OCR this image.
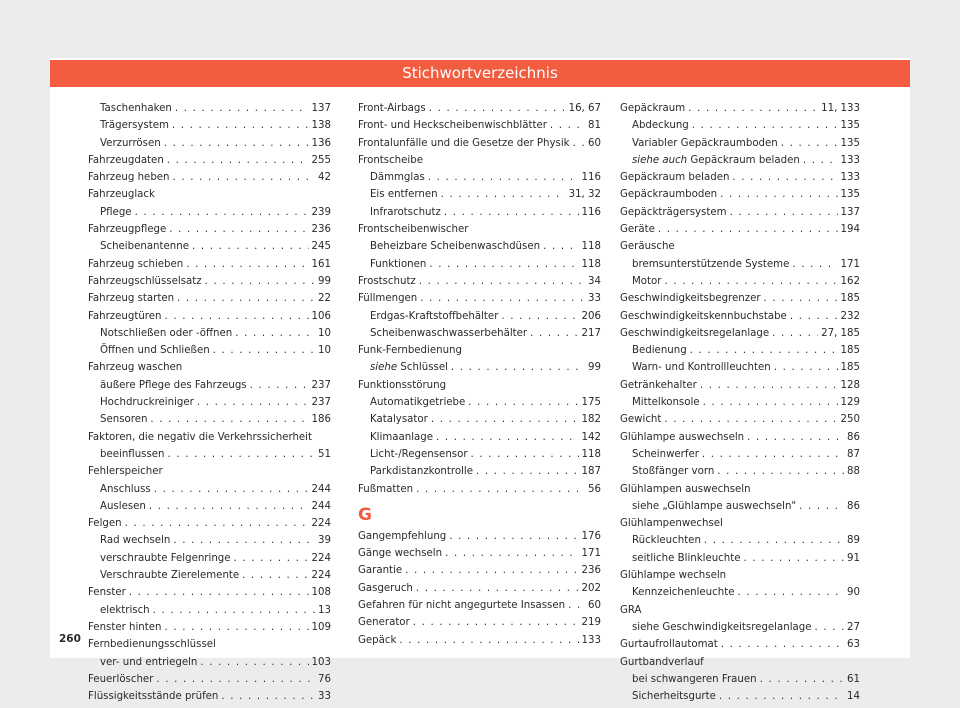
Stichwortverzeichnis
Taschenhaken . . .	137
Trägersystem . . .	138
Verzurrösen . . .	136
Fahrzeugdaten . . .	255
Fahrzeug heben . . .	42
Fahrzeuglack
Pflege . . .	239
Fahrzeugpflege . . .	236
Scheibenantenne . . .	245
Fahrzeug schieben . . .	161
Fahrzeugschlüsselsatz . . .	99
Fahrzeug starten . . .	22
Fahrzeugtüren . . .	106
Notschließen oder -öffnen . . .	10
Öffnen und Schließen . . .	10
Fahrzeug waschen
äußere Pflege des Fahrzeugs . . .	237
Hochdruckreiniger . . .	237
Sensoren . . .	186
Faktoren, die negativ die Verkehrssicherheit
beeinflussen . . .	51
Fehlerspeicher
Anschluss . . .	244
Auslesen . . .	244
Felgen . . .	224
Rad wechseln . . .	39
verschraubte Felgenringe . . .	224
Verschraubte Zierelemente . . .	224
Fenster . . .	108
elektrisch . . .	13
Fenster hinten . . .	109
Fernbedienungsschlüssel
ver- und entriegeln . . .	103
Feuerlöscher . . .	76
Flüssigkeitsstände prüfen . . .	33
Front-Airbags . . .	16, 67
Front- und Heckscheibenwischblätter . . .	81
Frontalunfälle und die Gesetze der Physik . . . 60
Frontscheibe
Dämmglas . . .	116
Eis entfernen . . .	31, 32
Infrarotschutz . . .	116
Frontscheibenwischer
Beheizbare Scheibenwaschdüsen . . .	118
Funktionen . . .	118
Frostschutz . . .	34
Füllmengen . . .	33
Erdgas-Kraftstoffbehälter . . .	206
Scheibenwaschwasserbehälter . . .	217
Funk-Fernbedienung
siehe Schlüssel . . .	99
Funktionsstörung
Automatikgetriebe . . .	175
Katalysator . . .	182
Klimaanlage . . .	142
Licht-/Regensensor . . .	118
Parkdistanzkontrolle . . .	187
Fußmatten . . .	56
G
Gangempfehlung . . .	176
Gänge wechseln . . .	171
Garantie . . .	236
Gasgeruch . . .	202
Gefahren für nicht angegurtete Insassen . . . 60
Generator . . .	219
Gepäck . . .	133
Gepäckraum . . .	11, 133
Abdeckung . . .	135
Variabler Gepäckraumboden . . .	135
siehe auch Gepäckraum beladen . . .	133
Gepäckraum beladen . . .	133
Gepäckraumboden . . .	135
Gepäckträgersystem . . .	137
Geräte . . .	194
Geräusche
bremsunterstützende Systeme . . .	171
Motor . . .	162
Geschwindigkeitsbegrenzer . . .	185
Geschwindigkeitskennbuchstabe . . .	232
Geschwindigkeitsregelanlage . . .	27, 185
Bedienung . . .	185
Warn- und Kontrollleuchten . . .	185
Getränkehalter . . .	128
Mittelkonsole . . .	129
Gewicht . . .	250
Glühlampe auswechseln . . .	86
Scheinwerfer . . .	87
Stoßfänger vorn . . .	88
Glühlampen auswechseln
siehe „Glühlampe auswechseln" . . .	86
Glühlampenwechsel
Rückleuchten . . .	89
seitliche Blinkleuchte . . .	91
Glühlampe wechseln
Kennzeichenleuchte . . .	90
GRA
siehe Geschwindigkeitsregelanlage . . .	27
Gurtaufrollautomat . . .	63
Gurtbandverlauf
bei schwangeren Frauen . . .	61
Sicherheitsgurte . . .	14
260
